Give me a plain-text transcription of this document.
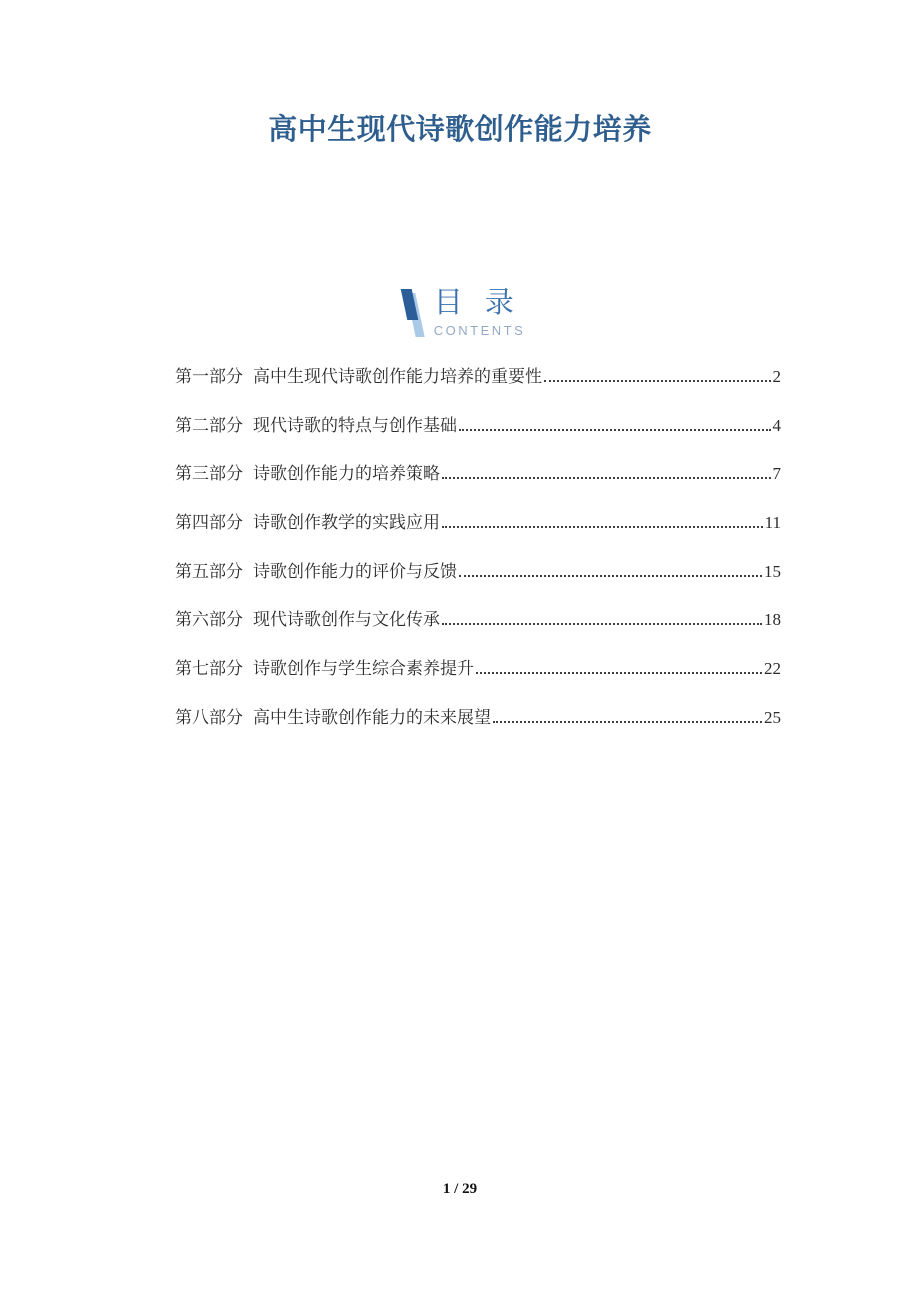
高中生现代诗歌创作能力培养
目 录
CONTENTS
第一部分 高中生现代诗歌创作能力培养的重要性	2
第二部分 现代诗歌的特点与创作基础	4
第三部分 诗歌创作能力的培养策略	7
第四部分 诗歌创作教学的实践应用	11
第五部分 诗歌创作能力的评价与反馈	15
第六部分 现代诗歌创作与文化传承	18
第七部分 诗歌创作与学生综合素养提升	22
第八部分 高中生诗歌创作能力的未来展望	25
1 / 29
